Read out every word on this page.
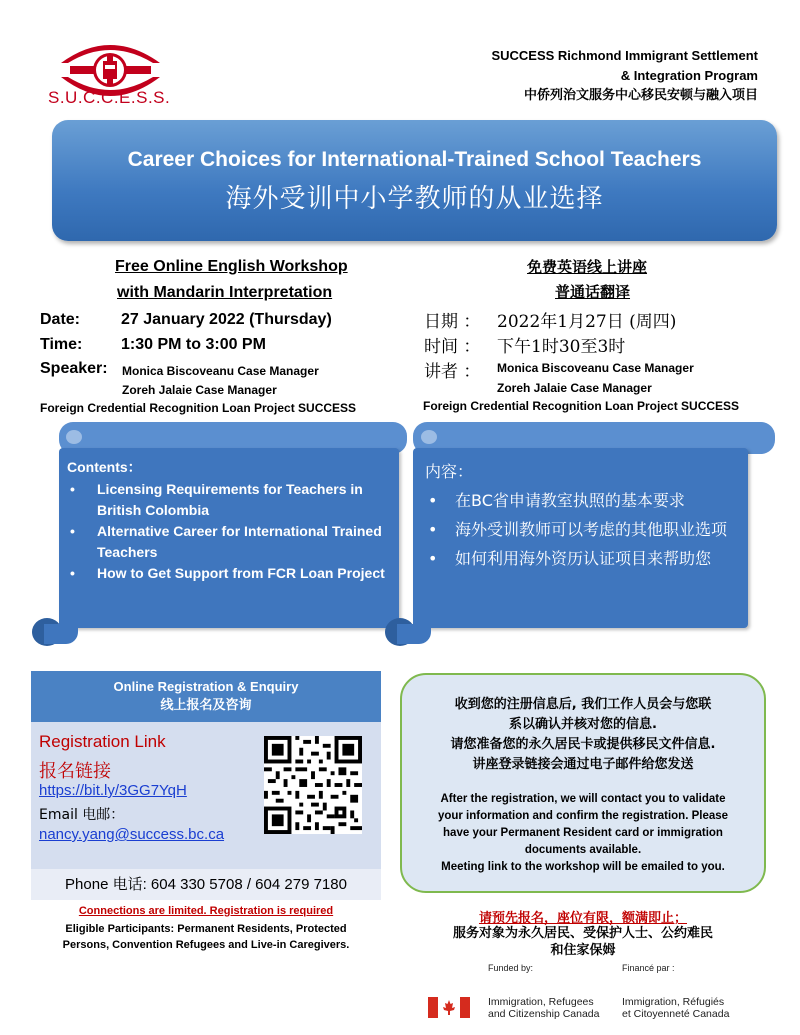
S.U.C.C.E.S.S.
SUCCESS Richmond Immigrant Settlement
& Integration Program
中侨列治文服务中心移民安顿与融入项目
Career Choices for International-Trained School Teachers
海外受训中小学教师的从业选择
Free Online English Workshop
with Mandarin Interpretation
Date:	27 January 2022 (Thursday)
Time: 1:30 PM to 3:00 PM
Speaker: Monica Biscoveanu Case Manager
Zoreh Jalaie Case Manager
Foreign Credential Recognition Loan Project SUCCESS
免费英语线上讲座
普通话翻译
日期 ： 2022年1月27日 (周四)
时间 ： 下午1时30至3时
讲者 ： Monica Biscoveanu Case Manager
Zoreh Jalaie Case Manager
Foreign Credential Recognition Loan Project SUCCESS
Contents：
• Licensing Requirements for Teachers in British Colombia
• Alternative Career for International Trained Teachers
• How to Get Support from FCR Loan Project
内容：
• 在BC省申请教室执照的基本要求
• 海外受训教师可以考虑的其他职业选项
• 如何利用海外资历认证项目来帮助您
Online Registration & Enquiry
线上报名及咨询
Registration Link
报名链接
https://bit.ly/3GG7YqH
Email 电邮：
nancy.yang@success.bc.ca
Phone 电话: 604 330 5708 / 604 279 7180
收到您的注册信息后, 我们工作人员会与您联
系以确认并核对您的信息.
请您准备您的永久居民卡或提供移民文件信息.
讲座登录链接会通过电子邮件给您发送
After the registration, we will contact you to validate
your information and confirm the registration. Please
have your Permanent Resident card or immigration
documents available.
Meeting link to the workshop will be emailed to you.
Connections are limited. Registration is required
Eligible Participants: Permanent Residents, Protected
Persons, Convention Refugees and Live-in Caregivers.
请预先报名，座位有限，额满即止；
服务对象为永久居民、受保护人士、公约难民
和住家保姆
Funded by:	Financé par :
Immigration, Refugees
and Citizenship Canada
Immigration, Réfugiés
et Citoyenneté Canada
